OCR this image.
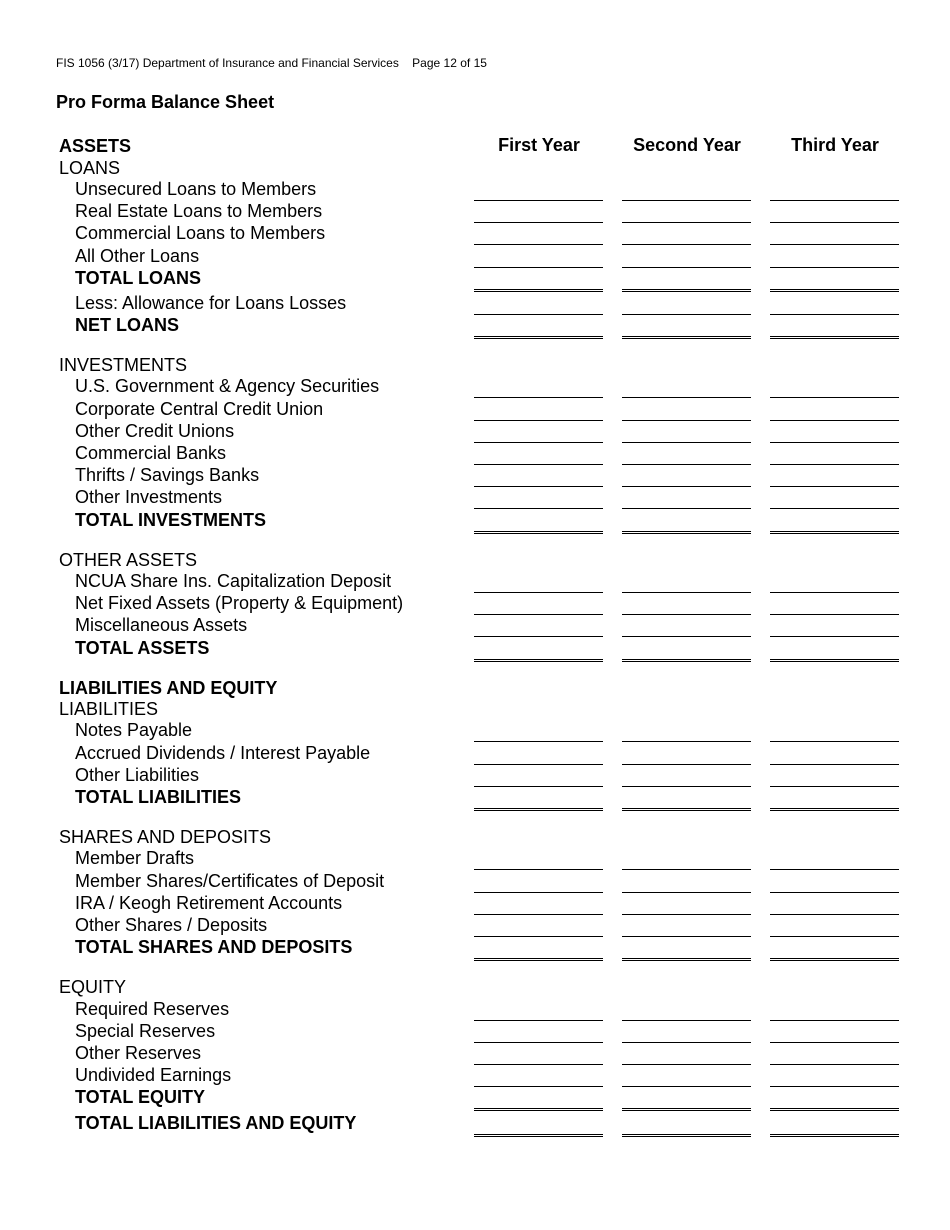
FIS 1056 (3/17) Department of Insurance and Financial Services    Page 12 of 15
Pro Forma Balance Sheet
First Year	Second Year	Third Year
ASSETS
LOANS
Unsecured Loans to Members
Real Estate Loans to Members
Commercial Loans to Members
All Other Loans
TOTAL LOANS
Less: Allowance for Loans Losses
NET LOANS
INVESTMENTS
U.S. Government & Agency Securities
Corporate Central Credit Union
Other Credit Unions
Commercial Banks
Thrifts / Savings Banks
Other Investments
TOTAL INVESTMENTS
OTHER ASSETS
NCUA Share Ins. Capitalization Deposit
Net Fixed Assets (Property & Equipment)
Miscellaneous Assets
TOTAL ASSETS
LIABILITIES AND EQUITY
LIABILITIES
Notes Payable
Accrued Dividends / Interest Payable
Other Liabilities
TOTAL LIABILITIES
SHARES AND DEPOSITS
Member Drafts
Member Shares/Certificates of Deposit
IRA / Keogh Retirement Accounts
Other Shares / Deposits
TOTAL SHARES AND DEPOSITS
EQUITY
Required Reserves
Special Reserves
Other Reserves
Undivided Earnings
TOTAL EQUITY
TOTAL LIABILITIES AND EQUITY
